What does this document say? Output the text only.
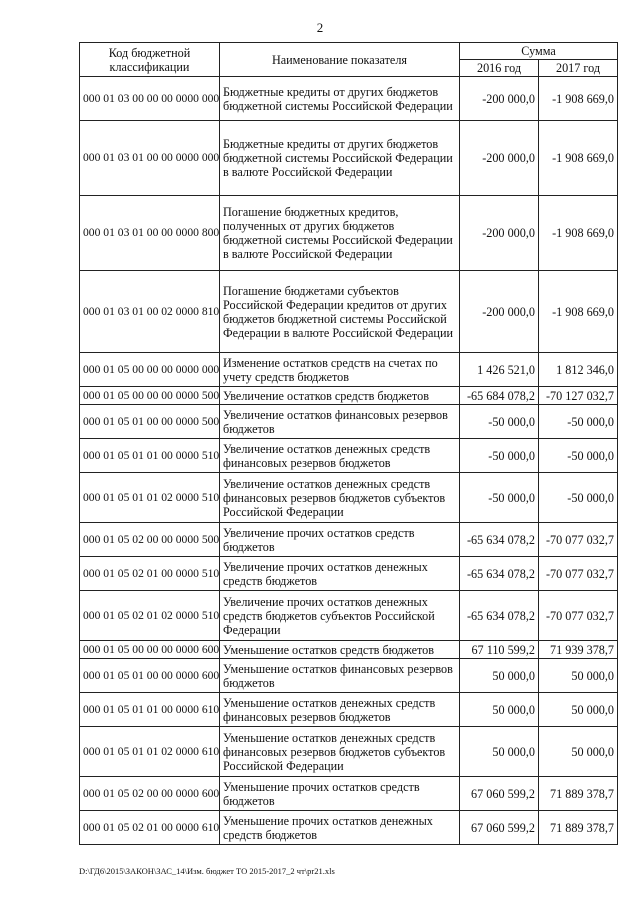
2
Код бюджетной классификации	Наименование показателя	Сумма	
		2016 год	2017 год
000 01 03 00 00 00 0000 000	Бюджетные кредиты от других бюджетов бюджетной системы Российской Федерации	-200 000,0	-1 908 669,0
000 01 03 01 00 00 0000 000	Бюджетные кредиты от других бюджетов бюджетной системы Российской Федерации в валюте Российской Федерации	-200 000,0	-1 908 669,0
000 01 03 01 00 00 0000 800	Погашение бюджетных кредитов, полученных от других бюджетов бюджетной системы Российской Федерации в валюте Российской Федерации	-200 000,0	-1 908 669,0
000 01 03 01 00 02 0000 810	Погашение бюджетами субъектов Российской Федерации кредитов от других бюджетов бюджетной системы Российской Федерации в валюте Российской Федерации	-200 000,0	-1 908 669,0
000 01 05 00 00 00 0000 000	Изменение остатков средств на счетах по учету средств бюджетов	1 426 521,0	1 812 346,0
000 01 05 00 00 00 0000 500	Увеличение остатков средств бюджетов	-65 684 078,2	-70 127 032,7
000 01 05 01 00 00 0000 500	Увеличение остатков финансовых резервов бюджетов	-50 000,0	-50 000,0
000 01 05 01 01 00 0000 510	Увеличение остатков денежных средств финансовых резервов бюджетов	-50 000,0	-50 000,0
000 01 05 01 01 02 0000 510	Увеличение остатков денежных средств финансовых резервов бюджетов субъектов Российской Федерации	-50 000,0	-50 000,0
000 01 05 02 00 00 0000 500	Увеличение прочих остатков средств бюджетов	-65 634 078,2	-70 077 032,7
000 01 05 02 01 00 0000 510	Увеличение прочих остатков денежных средств бюджетов	-65 634 078,2	-70 077 032,7
000 01 05 02 01 02 0000 510	Увеличение прочих остатков денежных средств бюджетов субъектов Российской Федерации	-65 634 078,2	-70 077 032,7
000 01 05 00 00 00 0000 600	Уменьшение остатков средств бюджетов	67 110 599,2	71 939 378,7
000 01 05 01 00 00 0000 600	Уменьшение остатков финансовых резервов бюджетов	50 000,0	50 000,0
000 01 05 01 01 00 0000 610	Уменьшение остатков денежных средств финансовых резервов бюджетов	50 000,0	50 000,0
000 01 05 01 01 02 0000 610	Уменьшение остатков денежных средств финансовых резервов бюджетов субъектов Российской Федерации	50 000,0	50 000,0
000 01 05 02 00 00 0000 600	Уменьшение прочих остатков средств бюджетов	67 060 599,2	71 889 378,7
000 01 05 02 01 00 0000 610	Уменьшение прочих остатков денежных средств бюджетов	67 060 599,2	71 889 378,7
D:\ГД6\2015\ЗАКОН\ЗАС_14\Изм. бюджет ТО 2015-2017_2 чт\pr21.xls
